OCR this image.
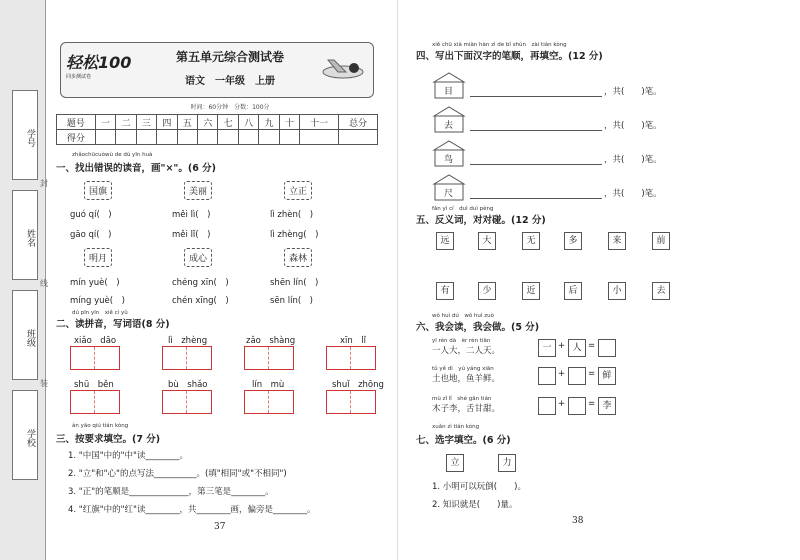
学号
姓名
班级
学校
封
线
装
轻松100
同步测试卷
第五单元综合测试卷
语文　 一年级　 上册
时间：60分钟　分数：100分
题号	一	二	三	四	五	六	七	八	九	十	十一	总分
得分												
zhǎochūcuòwù de dú yīn huà
一、找出错误的读音，画"×"。(6 分)
国旗	美丽	立正
guó qí(　)
gāo qí(　)
měi lì(　)
měi lǐ(　)
lì zhèn(　)
lì zhèng(　)
明月	成心	森林
mín yuè(　)
míng yuè(　)
chéng xīn(　)
chén xīng(　)
shēn lín(　)
sēn lín(　)
dú pīn yīn　xiě cí yǔ
二、读拼音，写词语(8 分)
xiǎo　dāo	lì　zhèng	zǎo　shàng	xīn　lǐ
shū　běn	bù　shǎo	lín　mù	shuǐ　zhōng
àn yāo qiú tián kòng
三、按要求填空。(7 分)
1. "中国"中的"中"读________。
2. "立"和"心"的点写法__________。(填"相同"或"不相同")
3. "正"的笔顺是______________，第三笔是________。
4. "红旗"中的"红"读________，共________画，偏旁是________。
37
xiě chū xià miàn hàn zì de bǐ shùn　zài tián kòng
四、写出下面汉字的笔顺，再填空。(12 分)
目	，共(　　)笔。
去	，共(　　)笔。
鸟	，共(　　)笔。
尺	，共(　　)笔。
fǎn yì cí　duì duì pèng
五、反义词，对对碰。(12 分)
远	大	无	多	来	前
有	少	近	后	小	去
wǒ huì dú　wǒ huì zuò
六、我会读，我会做。(5 分)
yī rén dà　èr rén tiān
一人大，二人天。	一 + 人 =
tǔ yě dì　yú yáng xiān
土也地，鱼羊鲜。	+	= 鲜
mù zǐ lǐ　shé gān tián
木子李，舌甘甜。	+	= 李
xuǎn zì tián kòng
七、选字填空。(6 分)
立	力
1. 小明可以玩倒(　　)。
2. 知识就是(　　)量。
38
